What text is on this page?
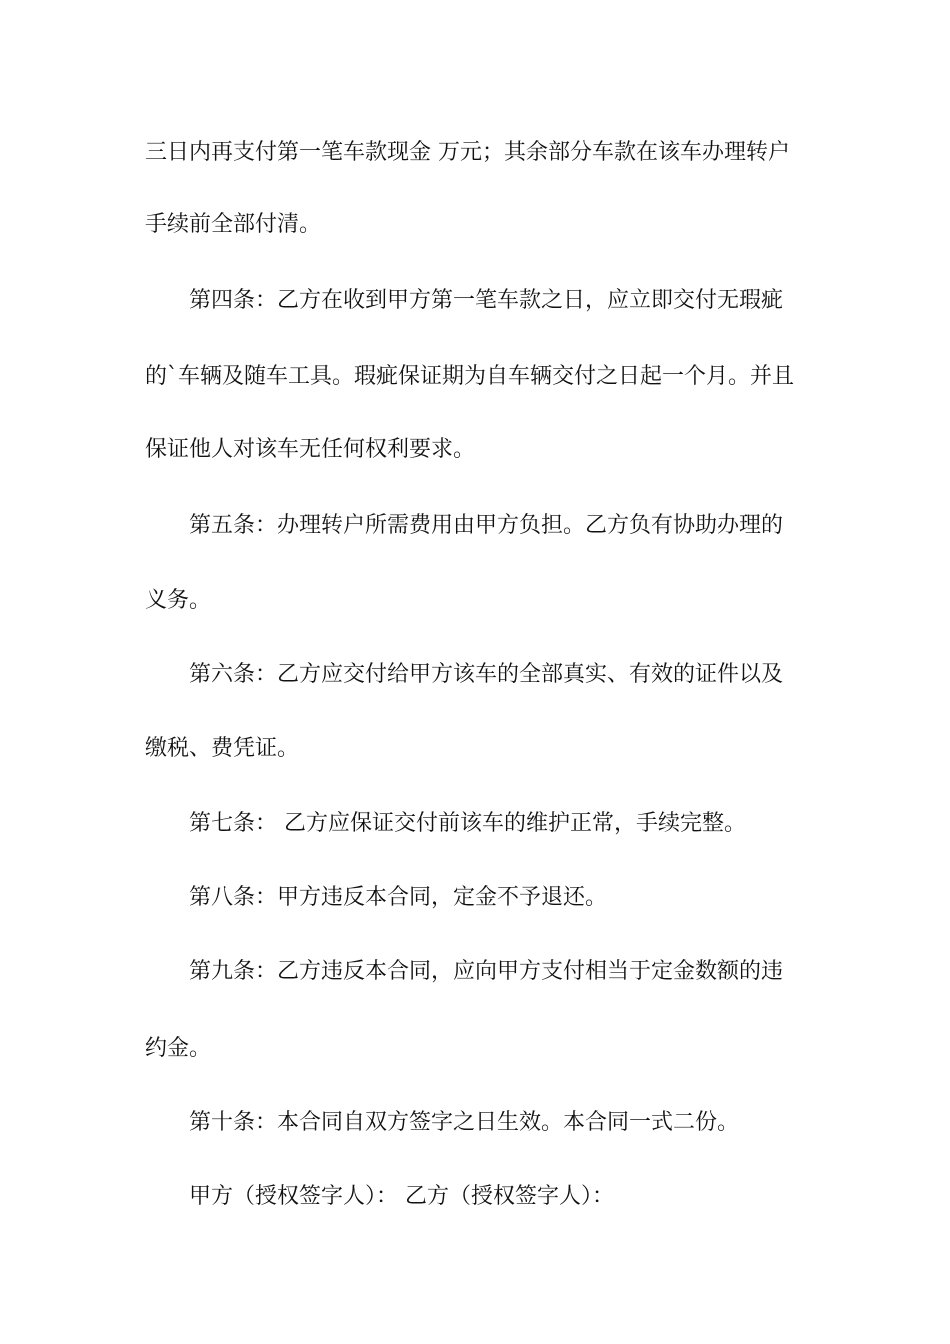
三日内再支付第一笔车款现金 万元；其余部分车款在该车办理转户
手续前全部付清。
第四条：乙方在收到甲方第一笔车款之日，应立即交付无瑕疵
的`车辆及随车工具。瑕疵保证期为自车辆交付之日起一个月。并且
保证他人对该车无任何权利要求。
第五条：办理转户所需费用由甲方负担。乙方负有协助办理的
义务。
第六条：乙方应交付给甲方该车的全部真实、有效的证件以及
缴税、费凭证。
第七条： 乙方应保证交付前该车的维护正常，手续完整。
第八条：甲方违反本合同，定金不予退还。
第九条：乙方违反本合同，应向甲方支付相当于定金数额的违
约金。
第十条：本合同自双方签字之日生效。本合同一式二份。
甲方（授权签字人）： 乙方（授权签字人）：
